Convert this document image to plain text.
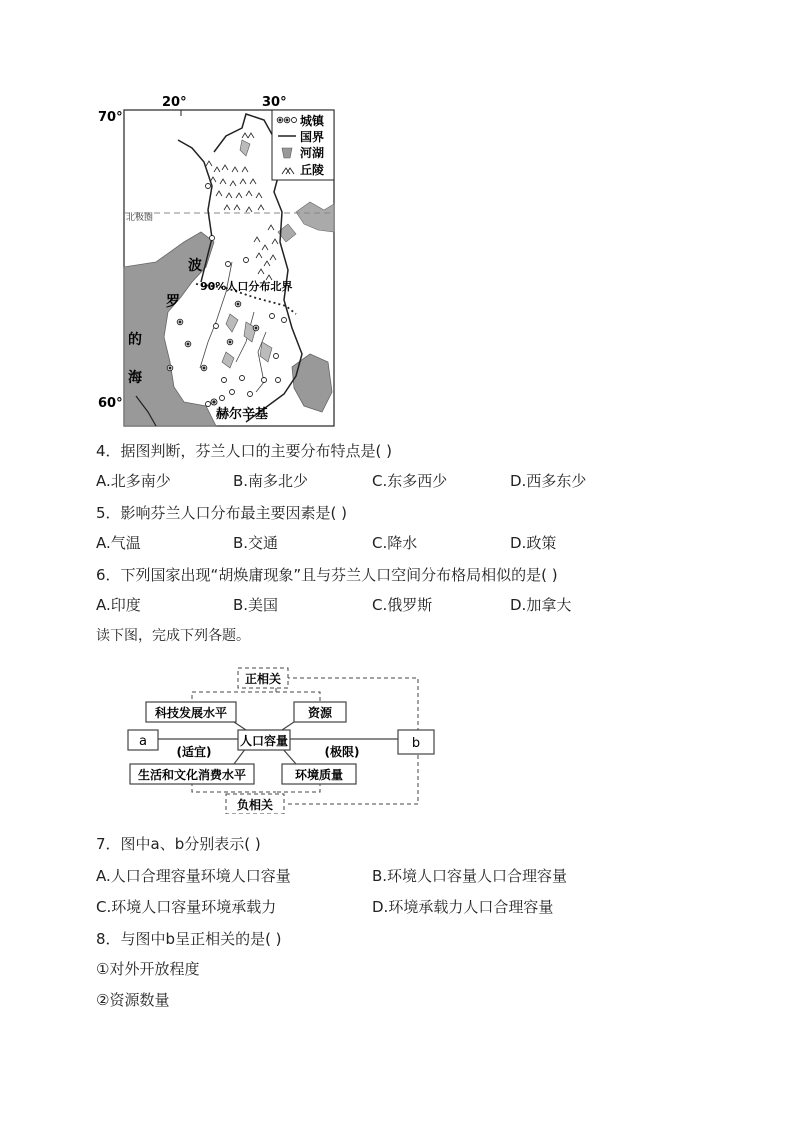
20°	30°
70°
60°
北极圈
90%人口分布北界
波
罗
的
海
赫尔辛基
城镇
国界
河湖
丘陵
4．据图判断，芬兰人口的主要分布特点是( )
A.北多南少	B.南多北少	C.东多西少	D.西多东少
5．影响芬兰人口分布最主要因素是( )
A.气温	B.交通	C.降水	D.政策
6．下列国家出现“胡焕庸现象”且与芬兰人口空间分布格局相似的是( )
A.印度	B.美国	C.俄罗斯	D.加拿大
读下图，完成下列各题。
正相关
负相关
科技发展水平	资源
a	人口容量	b
(适宜)	(极限)
生活和文化消费水平	环境质量
7．图中a、b分别表示( )
A.人口合理容量环境人口容量	B.环境人口容量人口合理容量
C.环境人口容量环境承载力	D.环境承载力人口合理容量
8．与图中b呈正相关的是( )
①对外开放程度
②资源数量
